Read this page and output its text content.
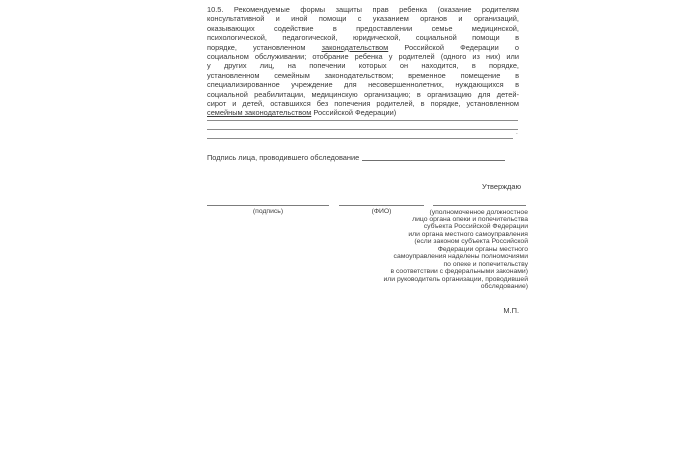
10.5. Рекомендуемые формы защиты прав ребенка (оказание родителям
консультативной и иной помощи с указанием органов и организаций,
оказывающих содействие в предоставлении семье медицинской,
психологической, педагогической, юридической, социальной помощи в
порядке, установленном законодательством Российской Федерации о
социальном обслуживании; отобрание ребенка у родителей (одного из них) или
у других лиц, на попечении которых он находится, в порядке,
установленном семейным законодательством; временное помещение в
специализированное учреждение для несовершеннолетних, нуждающихся в
социальной реабилитации, медицинскую организацию; в организацию для детей-
сирот и детей, оставшихся без попечения родителей, в порядке, установленном
семейным законодательством Российской Федерации)
.
Подпись лица, проводившего обследование
Утверждаю
(подпись)	(ФИО)	(уполномоченное должностное
лицо органа опеки и попечительства
субъекта Российской Федерации
или органа местного самоуправления
(если законом субъекта Российской
Федерации органы местного
самоуправления наделены полномочиями
по опеке и попечительству
в соответствии с федеральными законами)
или руководитель организации, проводившей
обследование)
М.П.
